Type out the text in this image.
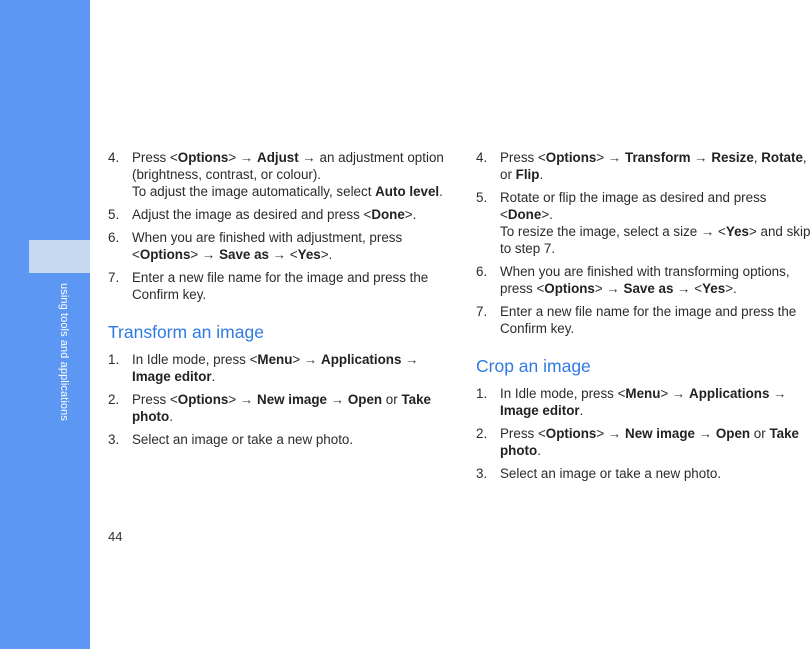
using tools and applications
4. Press <Options> → Adjust → an adjustment option (brightness, contrast, or colour).
To adjust the image automatically, select Auto level.
5. Adjust the image as desired and press <Done>.
6. When you are finished with adjustment, press <Options> → Save as → <Yes>.
7. Enter a new file name for the image and press the Confirm key.
Transform an image
1. In Idle mode, press <Menu> → Applications → Image editor.
2. Press <Options> → New image → Open or Take photo.
3. Select an image or take a new photo.
4. Press <Options> → Transform → Resize, Rotate, or Flip.
5. Rotate or flip the image as desired and press <Done>.
To resize the image, select a size → <Yes> and skip to step 7.
6. When you are finished with transforming options, press <Options> → Save as → <Yes>.
7. Enter a new file name for the image and press the Confirm key.
Crop an image
1. In Idle mode, press <Menu> → Applications → Image editor.
2. Press <Options> → New image → Open or Take photo.
3. Select an image or take a new photo.
44
